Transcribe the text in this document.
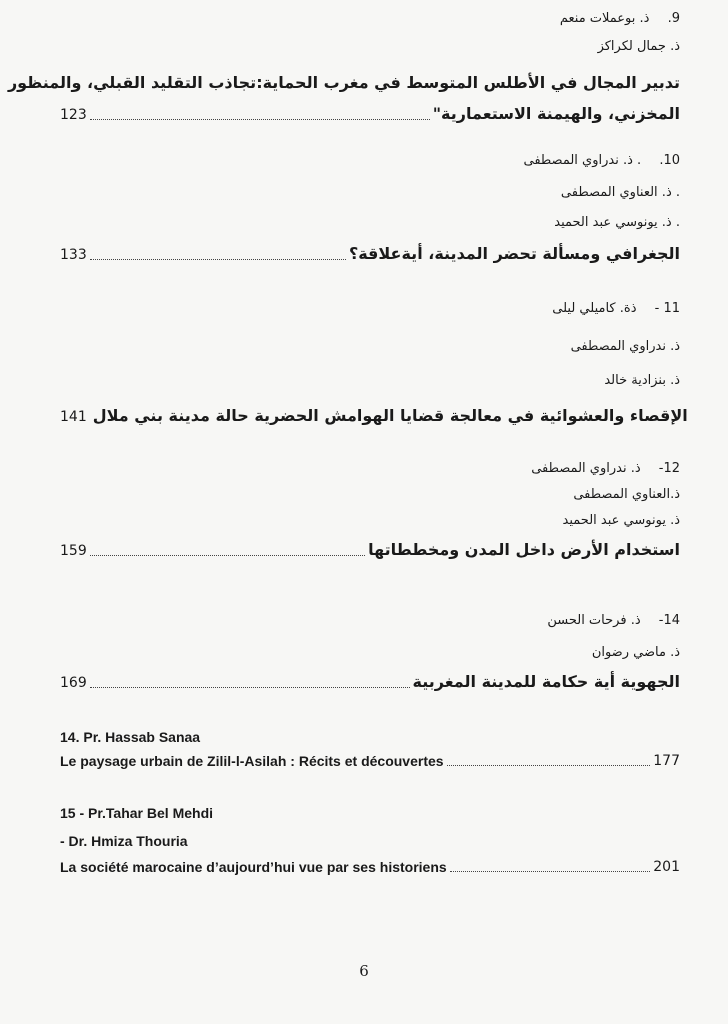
.9 ذ. بوعملات منعم
ذ. جمال لكراكز
تدبير المجال في الأطلس المتوسط في مغرب الحماية:تجاذب التقليد القبلي، والمنظور
123	المخزني، والهيمنة الاستعمارية"
.10 . ذ. ندراوي المصطفى
. ذ. العناوي المصطفى
. ذ. يونوسي عبد الحميد
133	الجغرافي ومسألة تحضر المدينة، أيةعلاقة؟
- 11 ذة. كاميلي ليلى
ذ. ندراوي المصطفى
ذ. بنزادية خالد
141 الإقصاء والعشوائية في معالجة قضايا الهوامش الحضرية حالة مدينة بني ملال
-12 ذ. ندراوي المصطفى
ذ.العناوي المصطفى
ذ. يونوسي عبد الحميد
159	استخدام الأرض داخل المدن ومخططاتها
-14 ذ. فرحات الحسن
ذ. ماضي رضوان
169	الجهوية أية حكامة للمدينة المغربية
14. Pr. Hassab Sanaa
Le paysage urbain de Zilil-l-Asilah : Récits et découvertes	177
15 - Pr.Tahar Bel Mehdi
- Dr. Hmiza Thouria
La société marocaine d’aujourd’hui vue par ses historiens	201
6
